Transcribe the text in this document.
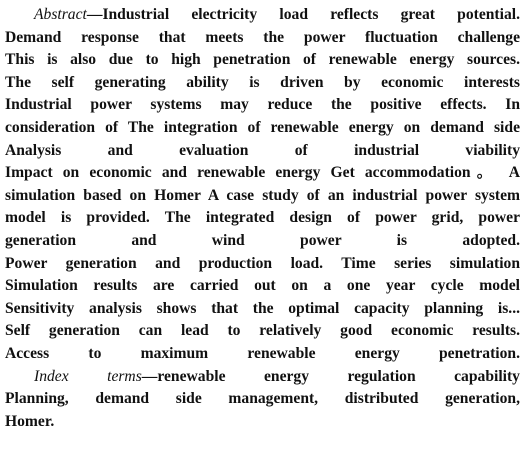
Abstract—Industrial electricity load reflects great potential.
Demand response that meets the power fluctuation challenge
This is also due to high penetration of renewable energy sources.
The self generating ability is driven by economic interests
Industrial power systems may reduce the positive effects. In
consideration of The integration of renewable energy on demand side
Analysis and evaluation of industrial viability
Impact on economic and renewable energy Get accommodation。 A
simulation based on Homer A case study of an industrial power system
model is provided. The integrated design of power grid, power
generation and wind power is adopted.
Power generation and production load. Time series simulation
Simulation results are carried out on a one year cycle model
Sensitivity analysis shows that the optimal capacity planning is...
Self generation can lead to relatively good economic results.
Access to maximum renewable energy penetration.
Index terms—renewable energy regulation capability
Planning, demand side management, distributed generation,
Homer.
